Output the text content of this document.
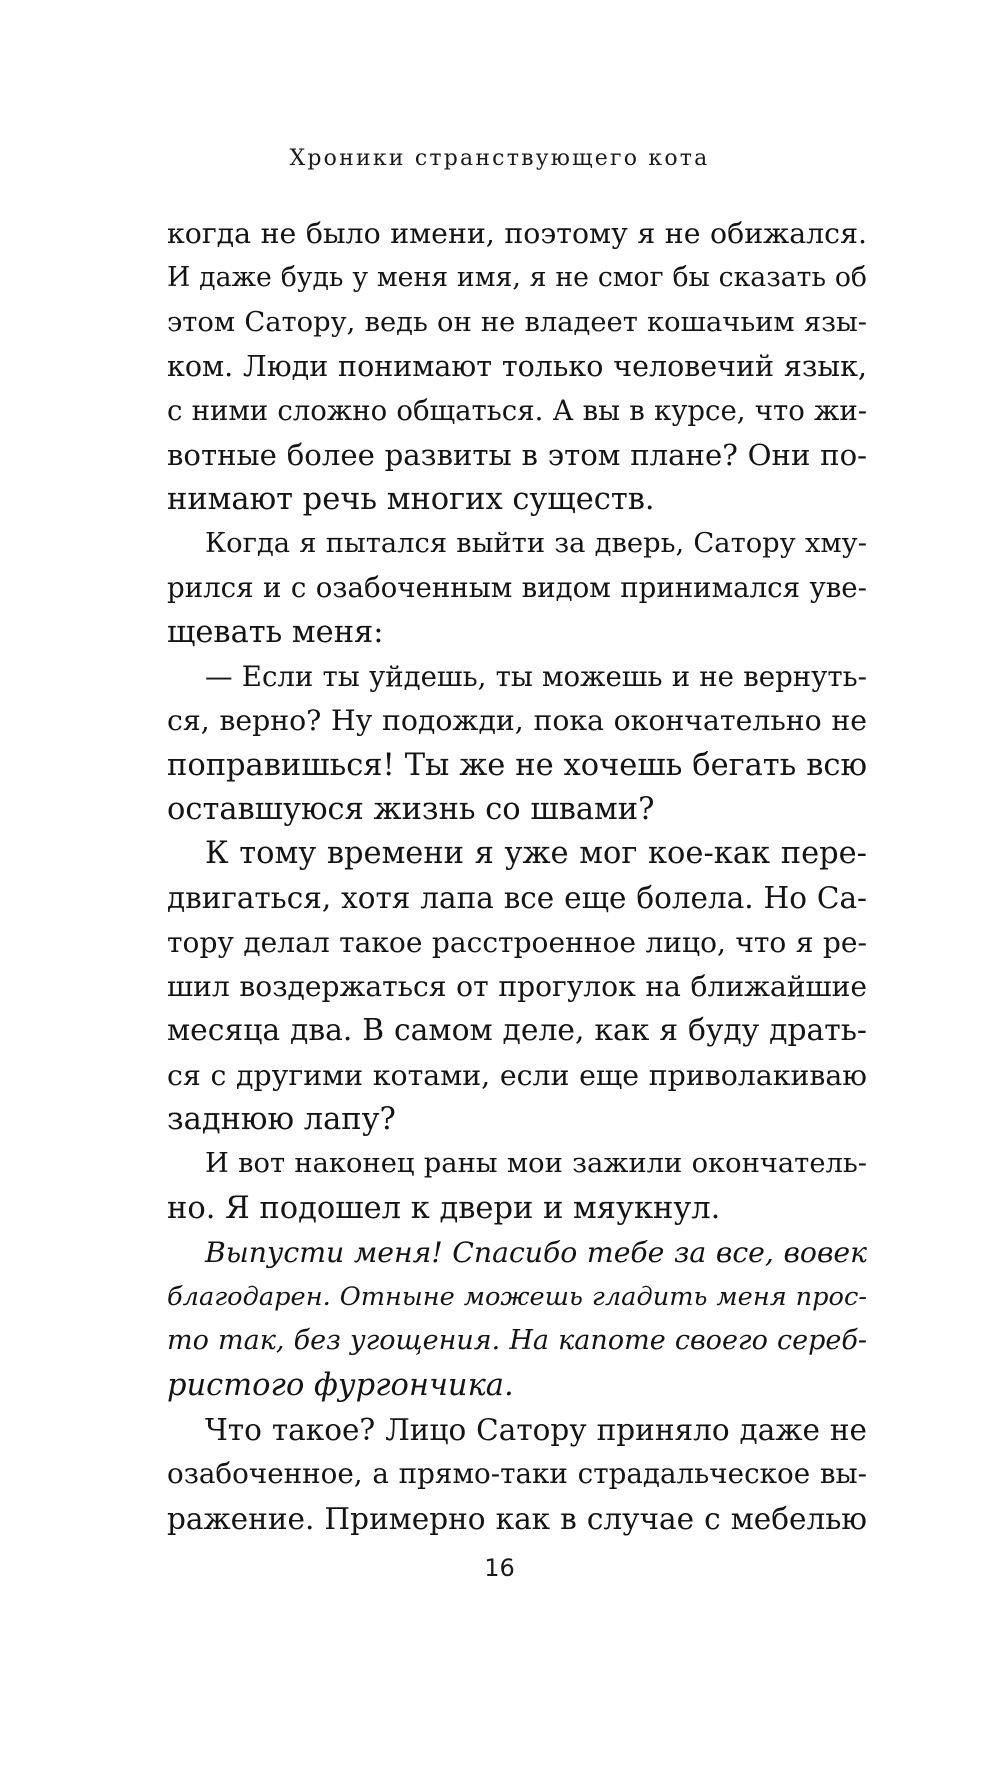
Хроники странствующего кота
когда не было имени, поэтому я не обижался.
И даже будь у меня имя, я не смог бы сказать об
этом Сатору, ведь он не владеет кошачьим язы-
ком. Люди понимают только человечий язык,
с ними сложно общаться. А вы в курсе, что жи-
вотные более развиты в этом плане? Они по-
нимают речь многих существ.
Когда я пытался выйти за дверь, Сатору хму-
рился и с озабоченным видом принимался уве-
щевать меня:
— Если ты уйдешь, ты можешь и не вернуть-
ся, верно? Ну подожди, пока окончательно не
поправишься! Ты же не хочешь бегать всю
оставшуюся жизнь со швами?
К тому времени я уже мог кое-как пере-
двигаться, хотя лапа все еще болела. Но Са-
тору делал такое расстроенное лицо, что я ре-
шил воздержаться от прогулок на ближайшие
месяца два. В самом деле, как я буду драть-
ся с другими котами, если еще приволакиваю
заднюю лапу?
И вот наконец раны мои зажили окончатель-
но. Я подошел к двери и мяукнул.
Выпусти меня! Спасибо тебе за все, вовек
благодарен. Отныне можешь гладить меня прос-
то так, без угощения. На капоте своего сереб-
ристого фургончика.
Что такое? Лицо Сатору приняло даже не
озабоченное, а прямо-таки страдальческое вы-
ражение. Примерно как в случае с мебелью
16
